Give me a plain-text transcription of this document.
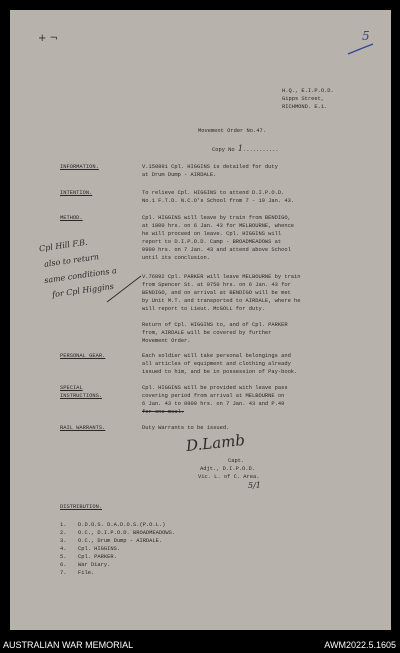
+ ¬	5
H.Q., E.I.P.O.D.
Gipps Street,
RICHMOND. E.1.
Movement Order No.47.
Copy No 1...........
INFORMATION.	V.150891 Cpl. HIGGINS is detailed for duty
at Drum Dump - AIRDALE.
INTENTION.	To relieve Cpl. HIGGINS to attend D.I.P.O.D.
No.1 F.T.D. N.C.O's School from 7 - 19 Jan. 43.
METHOD.	Cpl. HIGGINS will leave by train from BENDIGO,
at 1800 hrs. on 6 Jan. 43 for MELBOURNE, whence
he will proceed on leave. Cpl. HIGGINS will
report to D.I.P.O.D. Camp - BROADMEADOWS at
0900 hrs. on 7 Jan. 43 and attend above School
until its conclusion.
V.76092 Cpl. PARKER will leave MELBOURNE by train
from Spencer St. at 0750 hrs. on 6 Jan. 43 for
BENDIGO, and on arrival at BENDIGO will be met
by Unit M.T. and transported to AIRDALE, where he
will report to Lieut. McGOLL for duty.
Return of Cpl. HIGGINS to, and of Cpl. PARKER
from, AIRDALE will be covered by further
Movement Order.
Cpl Hill F.B.
also to return
same conditions a
for Cpl Higgins
PERSONAL GEAR.	Each soldier will take personal belongings and
all articles of equipment and clothing already
issued to him, and be in possession of Pay-book.
SPECIAL
INSTRUCTIONS.
Cpl. HIGGINS will be provided with leave pass
covering period from arrival at MELBOURNE on
6 Jan. 43 to 0900 hrs. on 7 Jan. 43 and P.49
for one meal.
RAIL WARRANTS.	Duty Warrants to be issued.
D.Lamb
Capt.
Adjt., D.I.P.O.D.
Vic. L. of C. Area.
5/1
DISTRIBUTION.
1. D.D.O.S. D.A.D.O.S.(P.O.L.)
2. O.C., D.I.P.O.D. BROADMEADOWS.
3. O.C., Drum Dump - AIRDALE.
4. Cpl. HIGGINS.
5. Cpl. PARKER.
6. War Diary.
7. File.
AUSTRALIAN WAR MEMORIAL	AWM2022.5.1605
